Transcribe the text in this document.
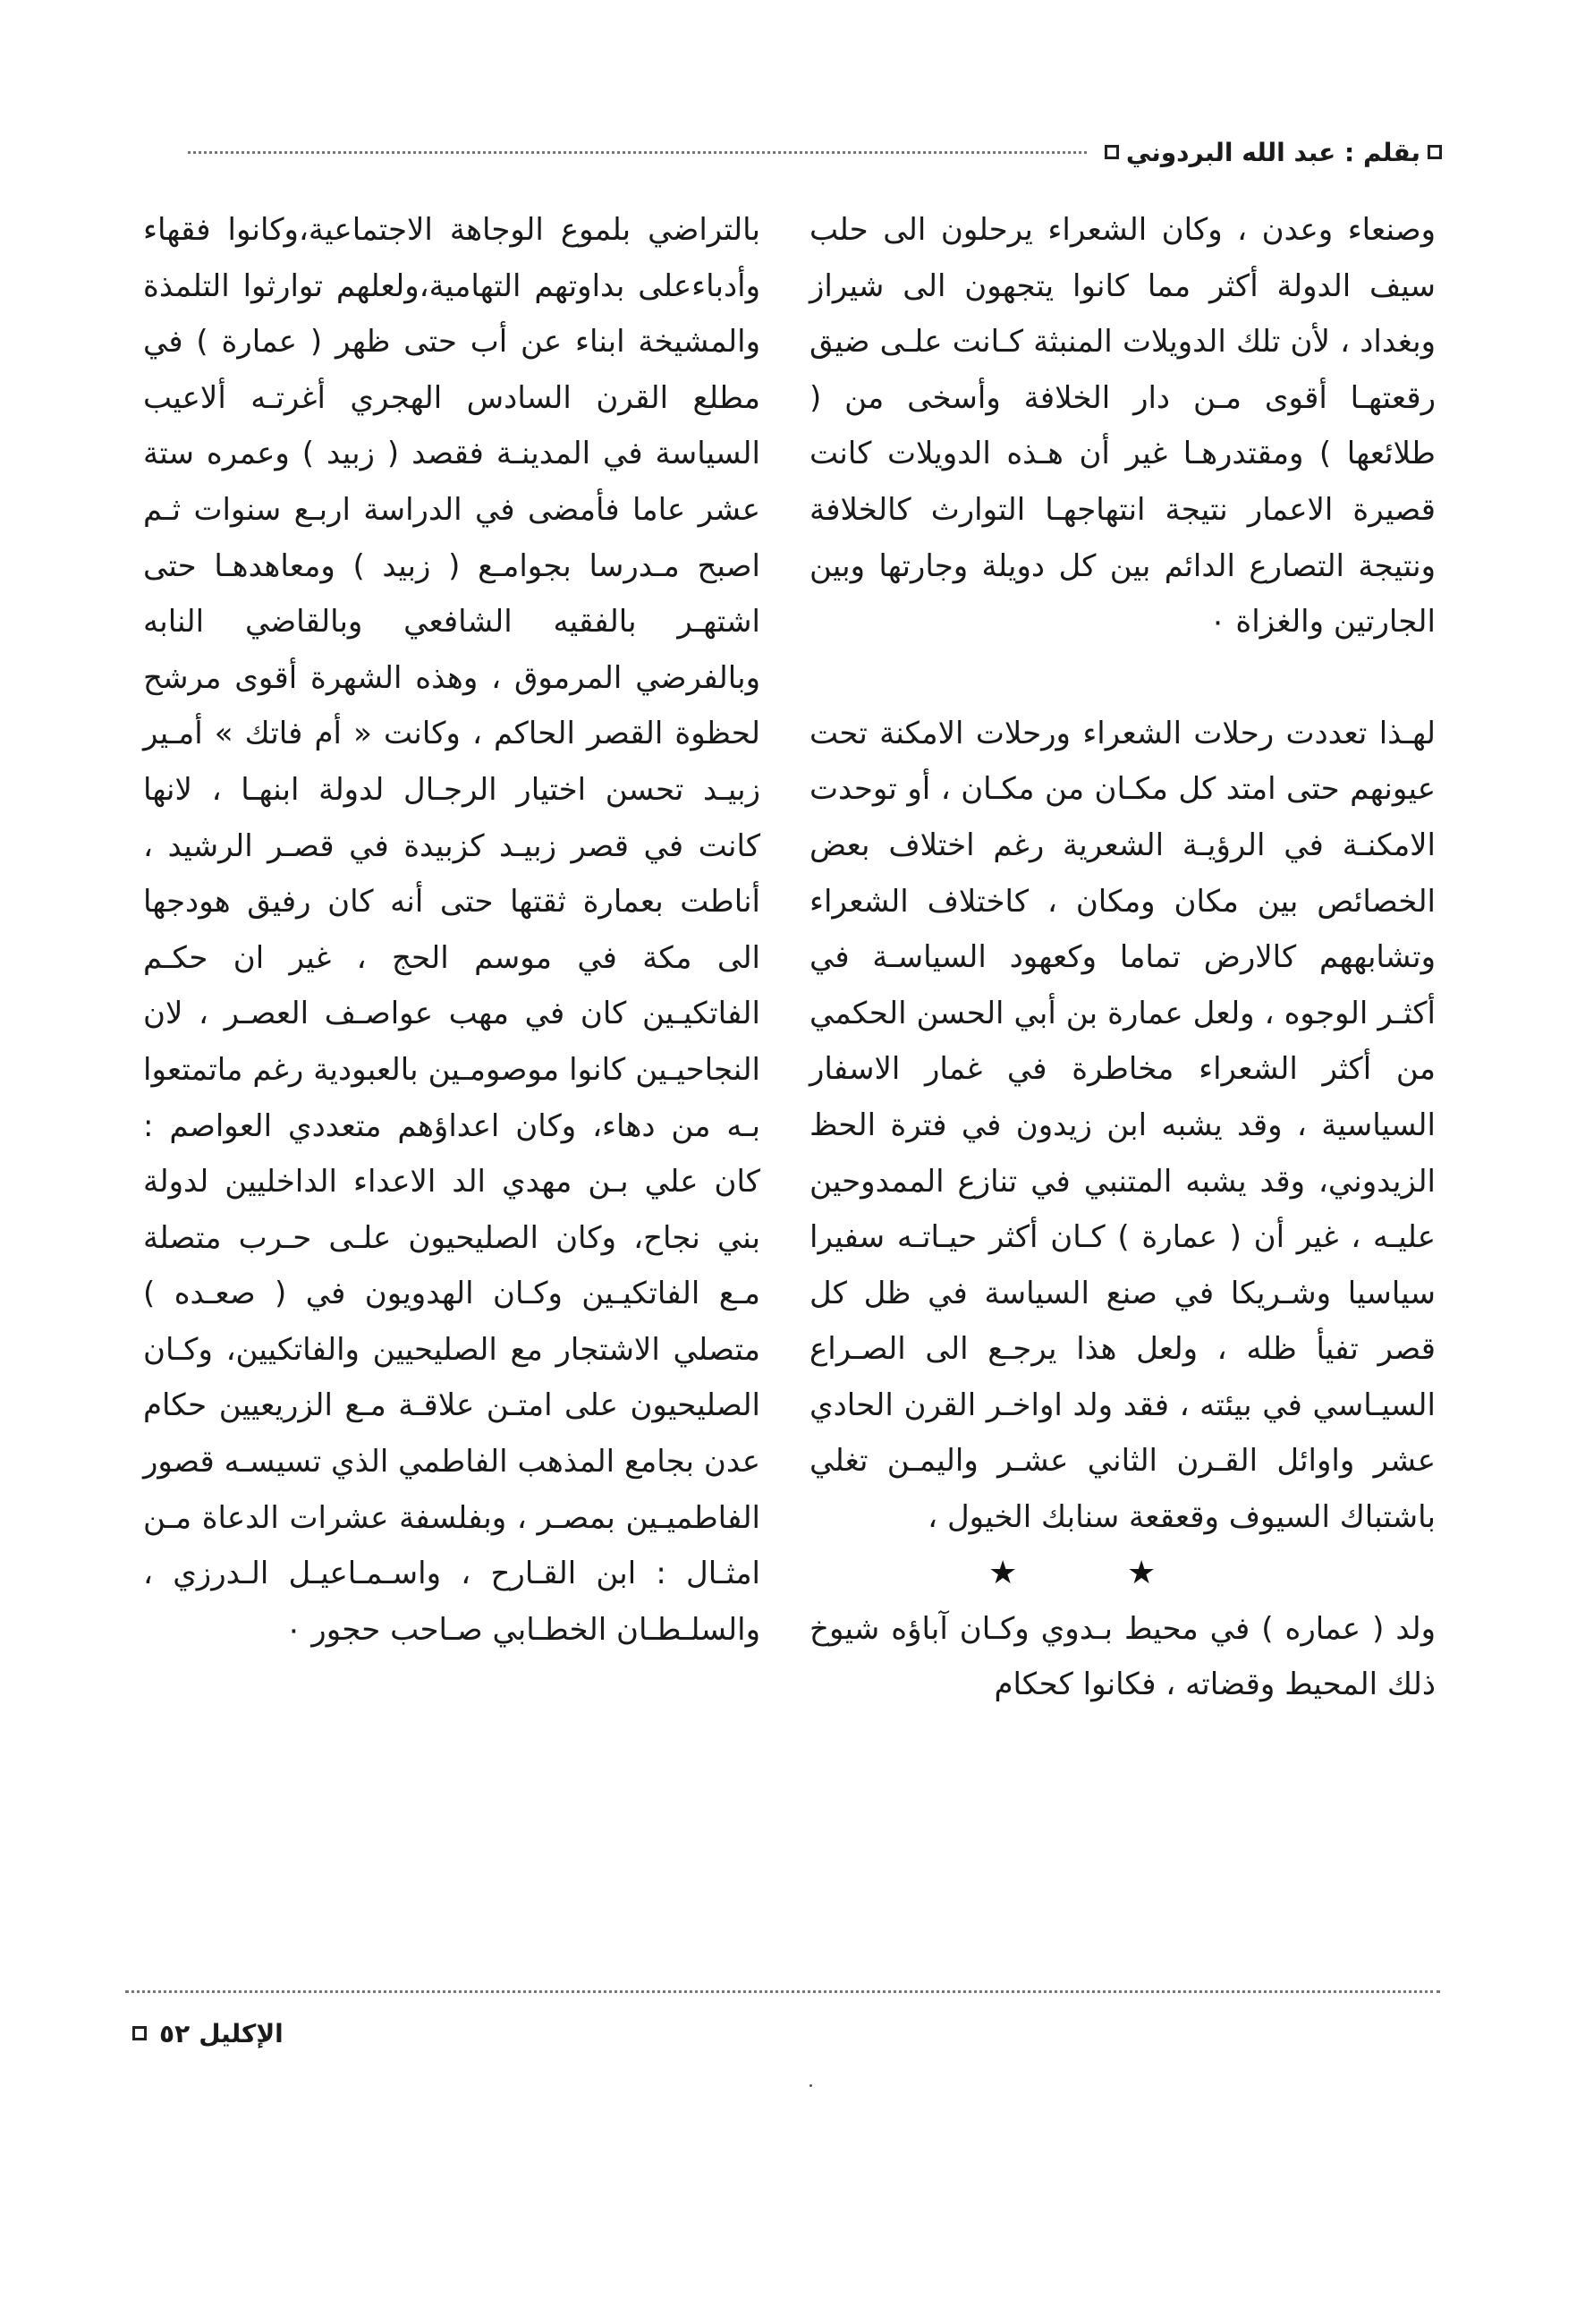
بقلم : عبد الله البردوني

وصنعاء وعدن ، وكان الشعراء يرحلون الى حلب سيف الدولة أكثر مما كانوا يتجهون الى شيراز وبغداد ، لأن تلك الدويلات المنبثة كـانت علـى ضيق رقعتهـا أقوى مـن دار الخلافة وأسخى من ( طلائعها ) ومقتدرهـا غير أن هـذه الدويلات كانت قصيرة الاعمار نتيجة انتهاجهـا التوارث كالخلافة ونتيجة التصارع الدائم بين كل دويلة وجارتها وبين الجارتين والغزاة ٠

لهـذا تعددت رحلات الشعراء ورحلات الامكنة تحت عيونهم حتى امتد كل مكـان من مكـان ، أو توحدت الامكنـة في الرؤيـة الشعرية رغم اختلاف بعض الخصائص بين مكان ومكان ، كاختلاف الشعراء وتشابههم كالارض تماما وكعهود السياسـة في أكثـر الوجوه ، ولعل عمارة بن أبي الحسن الحكمي من أكثر الشعراء مخاطرة في غمار الاسفار السياسية ، وقد يشبه ابن زيدون في فترة الحظ الزيدوني، وقد يشبه المتنبي في تنازع الممدوحين عليـه ، غير أن ( عمارة ) كـان أكثر حيـاتـه سفيرا سياسيا وشـريكا في صنع السياسة في ظل كل قصر تفيأ ظله ، ولعل هذا يرجـع الى الصـراع السيـاسي في بيئته ، فقد ولد اواخـر القرن الحادي عشر واوائل القـرن الثاني عشـر واليمـن تغلي باشتباك السيوف وقعقعة سنابك الخيول ،

★	★

ولد ( عماره ) في محيط بـدوي وكـان آباؤه شيوخ ذلك المحيط وقضاته ، فكانوا كحكام

بالتراضي بلموع الوجاهة الاجتماعية،وكانوا فقهاء وأدباءعلى بداوتهم التهامية،ولعلهم توارثوا التلمذة والمشيخة ابناء عن أب حتى ظهر ( عمارة ) في مطلع القرن السادس الهجري أغرتـه ألاعيب السياسة في المدينـة فقصد ( زبيد ) وعمره ستة عشر عاما فأمضى في الدراسة اربـع سنوات ثـم اصبح مـدرسا بجوامـع ( زبيد ) ومعاهدهـا حتى اشتهـر بالفقيه الشافعي وبالقاضي النابه وبالفرضي المرموق ، وهذه الشهرة أقوى مرشح لحظوة القصر الحاكم ، وكانت « أم فاتك » أمـير زبيـد تحسن اختيار الرجـال لدولة ابنهـا ، لانها كانت في قصر زبيـد كزبيدة في قصـر الرشيد ، أناطت بعمارة ثقتها حتى أنه كان رفيق هودجها الى مكة في موسم الحج ، غير ان حكـم الفاتكيـين كان في مهب عواصـف العصـر ، لان النجاحيـين كانوا موصومـين بالعبودية رغم ماتمتعوا بـه من دهاء، وكان اعداؤهم متعددي العواصم : كان علي بـن مهدي الد الاعداء الداخليين لدولة بني نجاح، وكان الصليحيون علـى حـرب متصلة مـع الفاتكيـين وكـان الهدويون في ( صعـده ) متصلي الاشتجار مع الصليحيين والفاتكيين، وكـان الصليحيون على امتـن علاقـة مـع الزريعيين حكام عدن بجامع المذهب الفاطمي الذي تسيسـه قصور الفاطميـين بمصـر ، وبفلسفة عشرات الدعاة مـن امثـال : ابن القـارح ، واسـمـاعيـل الـدرزي ، والسلـطـان الخطـابي صـاحب حجور ٠

الإكليل
٥٢
